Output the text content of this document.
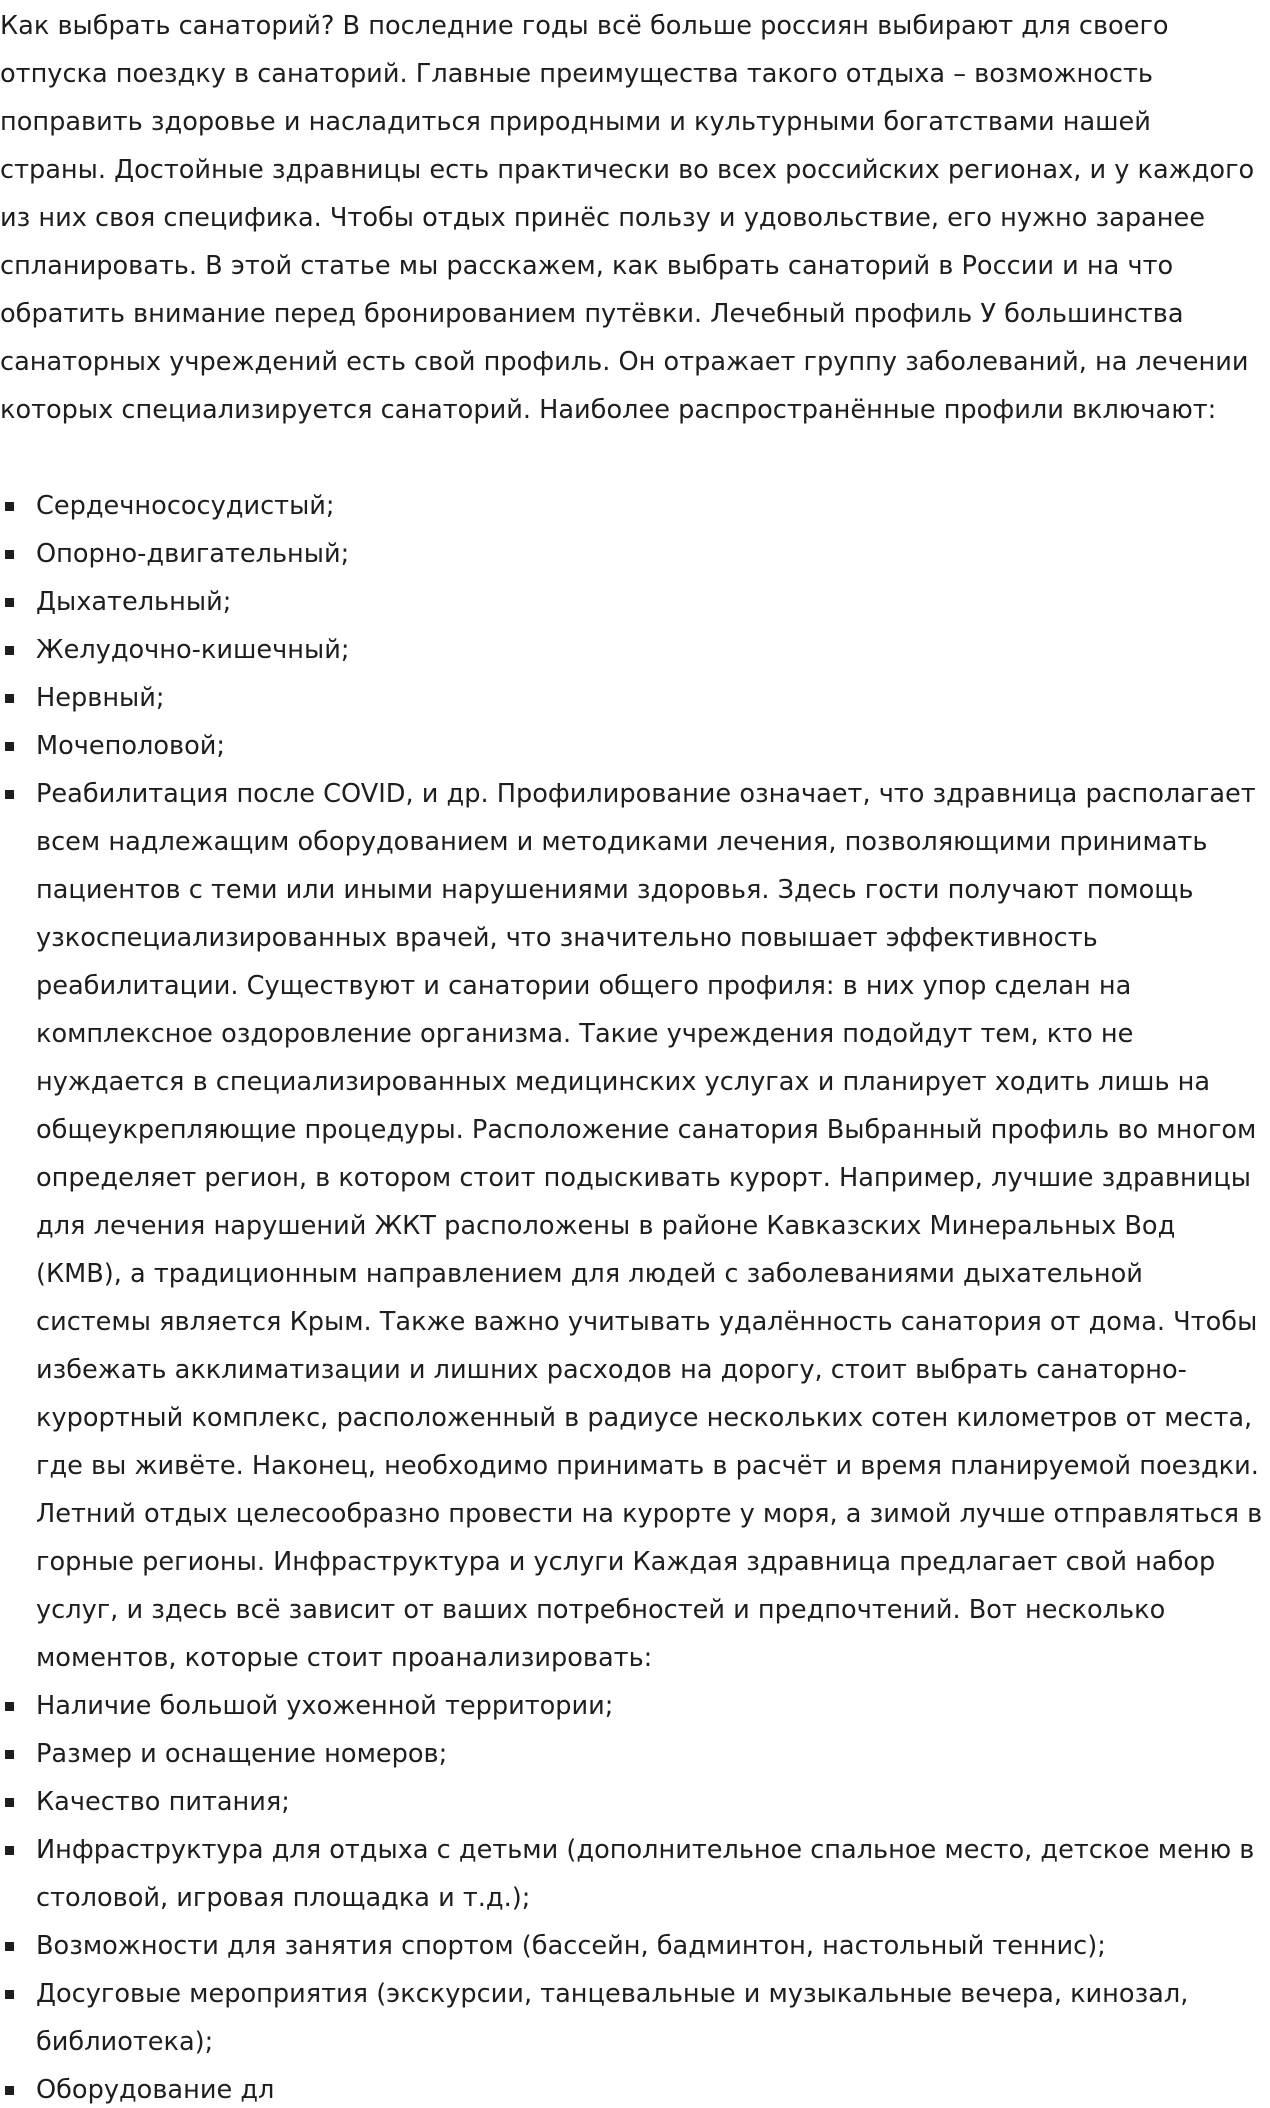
Как выбрать санаторий? В последние годы всё больше россиян выбирают для своего отпуска поездку в санаторий. Главные преимущества такого отдыха – возможность поправить здоровье и насладиться природными и культурными богатствами нашей страны. Достойные здравницы есть практически во всех российских регионах, и у каждого из них своя специфика. Чтобы отдых принёс пользу и удовольствие, его нужно заранее спланировать. В этой статье мы расскажем, как выбрать санаторий в России и на что обратить внимание перед бронированием путёвки. Лечебный профиль У большинства санаторных учреждений есть свой профиль. Он отражает группу заболеваний, на лечении которых специализируется санаторий. Наиболее распространённые профили включают:

Сердечнососудистый;
Опорно-двигательный;
Дыхательный;
Желудочно-кишечный;
Нервный;
Мочеполовой;
Реабилитация после COVID, и др. Профилирование означает, что здравница располагает всем надлежащим оборудованием и методиками лечения, позволяющими принимать пациентов с теми или иными нарушениями здоровья. Здесь гости получают помощь узкоспециализированных врачей, что значительно повышает эффективность реабилитации. Существуют и санатории общего профиля: в них упор сделан на комплексное оздоровление организма. Такие учреждения подойдут тем, кто не нуждается в специализированных медицинских услугах и планирует ходить лишь на общеукрепляющие процедуры. Расположение санатория Выбранный профиль во многом определяет регион, в котором стоит подыскивать курорт. Например, лучшие здравницы для лечения нарушений ЖКТ расположены в районе Кавказских Минеральных Вод (КМВ), а традиционным направлением для людей с заболеваниями дыхательной системы является Крым. Также важно учитывать удалённость санатория от дома. Чтобы избежать акклиматизации и лишних расходов на дорогу, стоит выбрать санаторно-курортный комплекс, расположенный в радиусе нескольких сотен километров от места, где вы живёте. Наконец, необходимо принимать в расчёт и время планируемой поездки. Летний отдых целесообразно провести на курорте у моря, а зимой лучше отправляться в горные регионы. Инфраструктура и услуги Каждая здравница предлагает свой набор услуг, и здесь всё зависит от ваших потребностей и предпочтений. Вот несколько моментов, которые стоит проанализировать:
Наличие большой ухоженной территории;
Размер и оснащение номеров;
Качество питания;
Инфраструктура для отдыха с детьми (дополнительное спальное место, детское меню в столовой, игровая площадка и т.д.);
Возможности для занятия спортом (бассейн, бадминтон, настольный теннис);
Досуговые мероприятия (экскурсии, танцевальные и музыкальные вечера, кинозал, библиотека);
Оборудование дл
